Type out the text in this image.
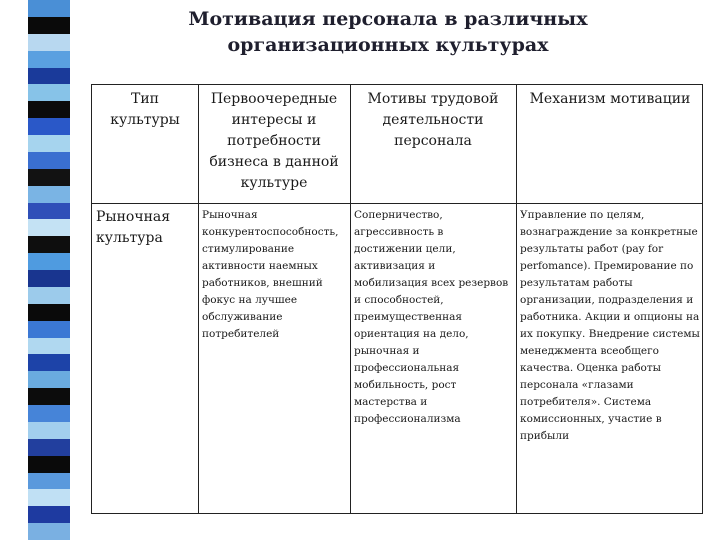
Мотивация персонала в различных организационных культурах
Тип культуры
Первоочередные интересы и потребности бизнеса в данной культуре
Мотивы трудовой деятельности персонала
Механизм мотивации
Рыночная культура
Рыночная конкурентоспособность, стимулирование активности наемных работников, внешний фокус на лучшее обслуживание потребителей
Соперничество, агрессивность в достижении цели, активизация и мобилизация всех резервов и способностей, преимущественная ориентация на дело, рыночная и профессиональная мобильность, рост мастерства и профессионализма
Управление по целям, вознаграждение за конкретные результаты работ (pay for perfomance). Премирование по результатам работы организации, подразделения и работника. Акции и опционы на их покупку. Внедрение системы менеджмента всеобщего качества. Оценка работы персонала «глазами потребителя». Система комиссионных, участие в прибыли
